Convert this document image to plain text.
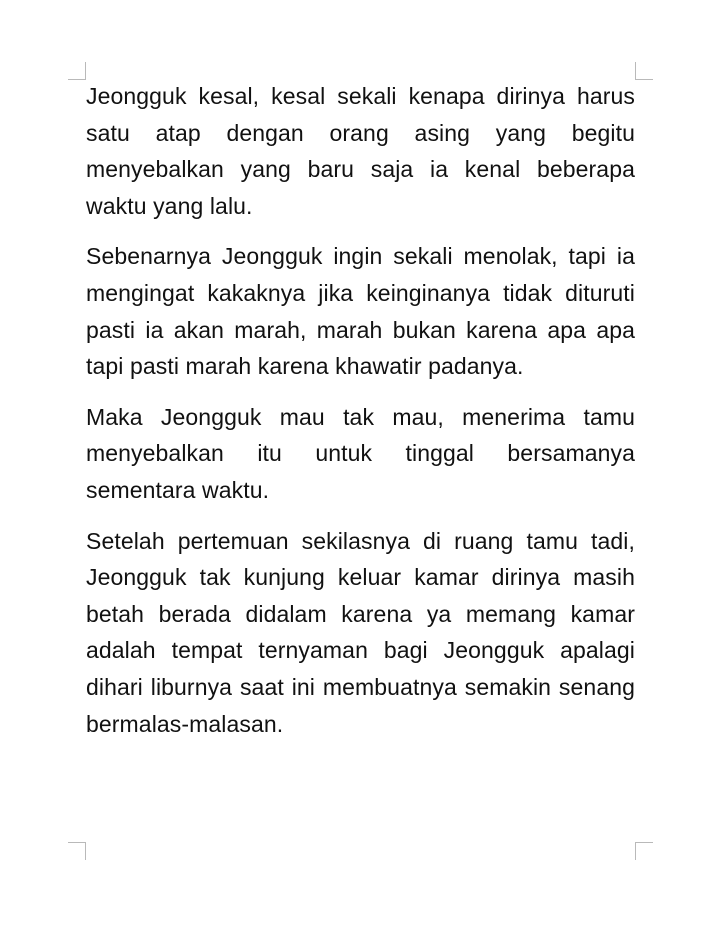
Jeongguk kesal, kesal sekali kenapa dirinya harus satu atap dengan orang asing yang begitu menyebalkan yang baru saja ia kenal beberapa waktu yang lalu.

Sebenarnya Jeongguk ingin sekali menolak, tapi ia mengingat kakaknya jika keinginanya tidak dituruti pasti ia akan marah, marah bukan karena apa apa tapi pasti marah karena khawatir padanya.

Maka Jeongguk mau tak mau, menerima tamu menyebalkan itu untuk tinggal bersamanya sementara waktu.

Setelah pertemuan sekilasnya di ruang tamu tadi, Jeongguk tak kunjung keluar kamar dirinya masih betah berada didalam karena ya memang kamar adalah tempat ternyaman bagi Jeongguk apalagi dihari liburnya saat ini membuatnya semakin senang bermalas-malasan.
